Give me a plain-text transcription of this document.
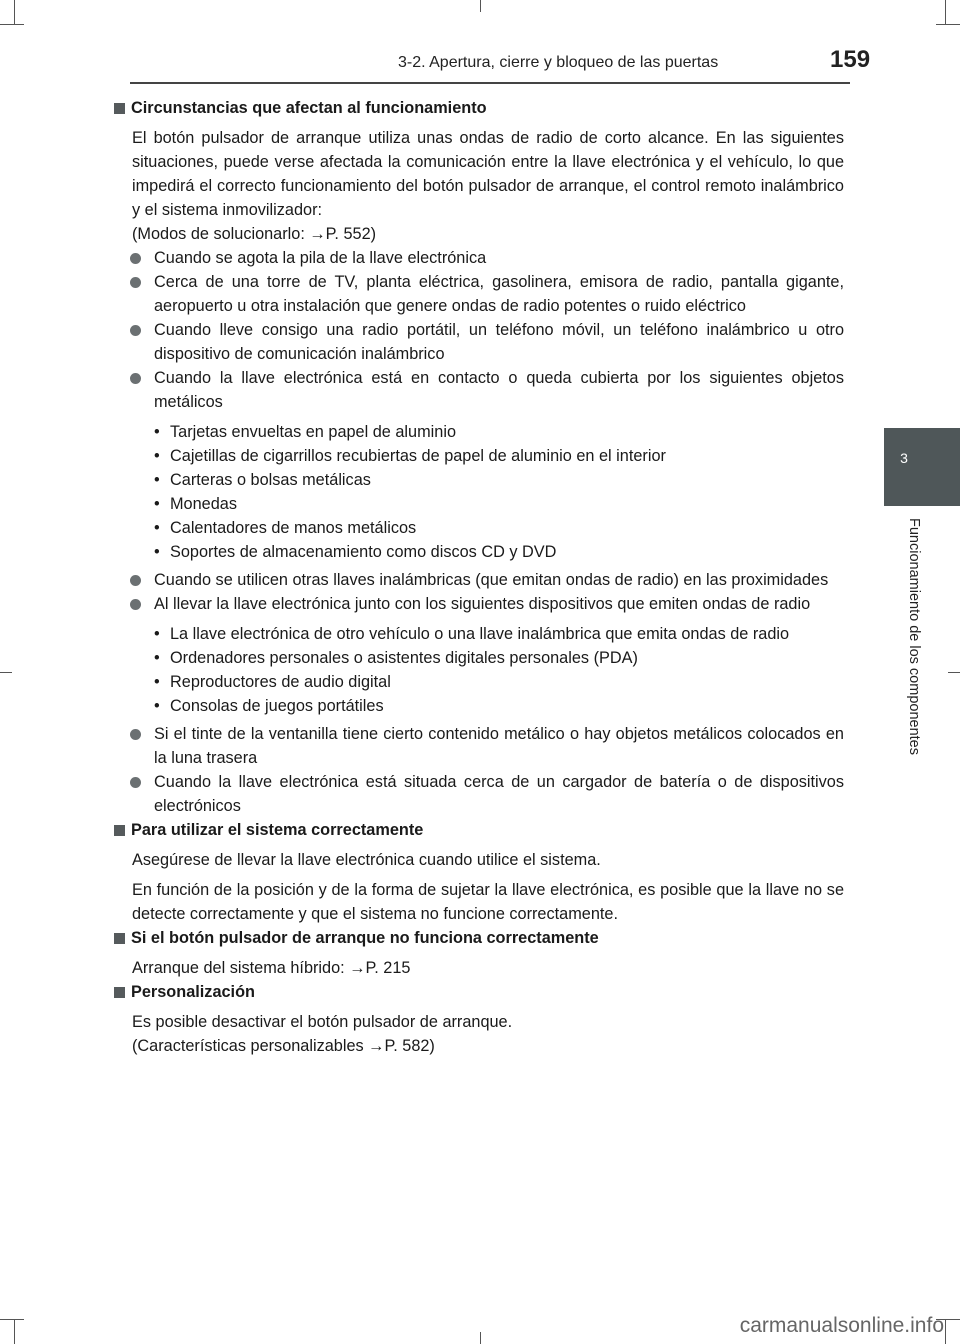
3-2. Apertura, cierre y bloqueo de las puertas	159
3
Funcionamiento de los componentes

Circunstancias que afectan al funcionamiento

El botón pulsador de arranque utiliza unas ondas de radio de corto alcance. En las siguientes situaciones, puede verse afectada la comunicación entre la llave electrónica y el vehículo, lo que impedirá el correcto funcionamiento del botón pulsador de arranque, el control remoto inalámbrico y el sistema inmovilizador:

(Modos de solucionarlo: →P. 552)

Cuando se agota la pila de la llave electrónica

Cerca de una torre de TV, planta eléctrica, gasolinera, emisora de radio, pantalla gigante, aeropuerto u otra instalación que genere ondas de radio potentes o ruido eléctrico

Cuando lleve consigo una radio portátil, un teléfono móvil, un teléfono inalámbrico u otro dispositivo de comunicación inalámbrico

Cuando la llave electrónica está en contacto o queda cubierta por los siguientes objetos metálicos

• Tarjetas envueltas en papel de aluminio
• Cajetillas de cigarrillos recubiertas de papel de aluminio en el interior
• Carteras o bolsas metálicas
• Monedas
• Calentadores de manos metálicos
• Soportes de almacenamiento como discos CD y DVD

Cuando se utilicen otras llaves inalámbricas (que emitan ondas de radio) en las proximidades

Al llevar la llave electrónica junto con los siguientes dispositivos que emiten ondas de radio

• La llave electrónica de otro vehículo o una llave inalámbrica que emita ondas de radio
• Ordenadores personales o asistentes digitales personales (PDA)
• Reproductores de audio digital
• Consolas de juegos portátiles

Si el tinte de la ventanilla tiene cierto contenido metálico o hay objetos metálicos colocados en la luna trasera

Cuando la llave electrónica está situada cerca de un cargador de batería o de dispositivos electrónicos

Para utilizar el sistema correctamente

Asegúrese de llevar la llave electrónica cuando utilice el sistema.

En función de la posición y de la forma de sujetar la llave electrónica, es posible que la llave no se detecte correctamente y que el sistema no funcione correctamente.

Si el botón pulsador de arranque no funciona correctamente

Arranque del sistema híbrido: →P. 215

Personalización

Es posible desactivar el botón pulsador de arranque.

(Características personalizables →P. 582)

carmanualsonline.info
